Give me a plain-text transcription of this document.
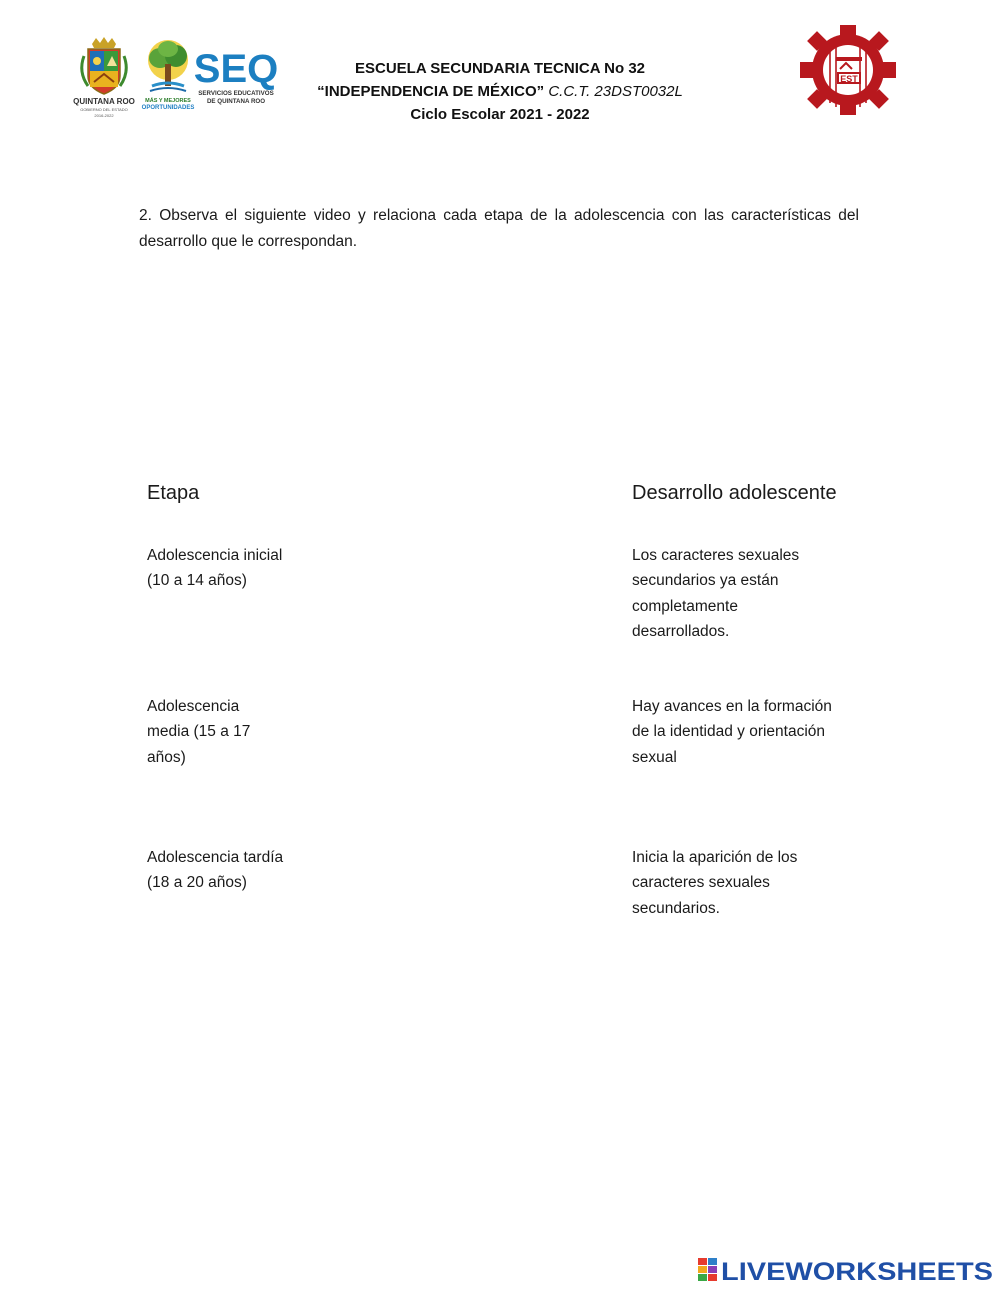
QUINTANA ROO
GOBIERNO DEL ESTADO
2016-2022
MÁS Y MEJORES
OPORTUNIDADES
SEQ
SERVICIOS EDUCATIVOS
DE QUINTANA ROO
EST
ESCUELA SECUNDARIA TECNICA No 32
“INDEPENDENCIA DE MÉXICO” C.C.T. 23DST0032L
Ciclo Escolar 2021 - 2022
2. Observa el siguiente video y relaciona cada etapa de la adolescencia con las características del desarrollo que le correspondan.
Etapa	Desarrollo adolescente
Adolescencia inicial
(10 a 14 años)
Adolescencia
media (15 a 17
años)
Adolescencia tardía
(18 a 20 años)
Los caracteres sexuales
secundarios ya están
completamente
desarrollados.
Hay avances en la formación
de la identidad y orientación
sexual
Inicia la aparición de los
caracteres sexuales
secundarios.
LIVEWORKSHEETS
